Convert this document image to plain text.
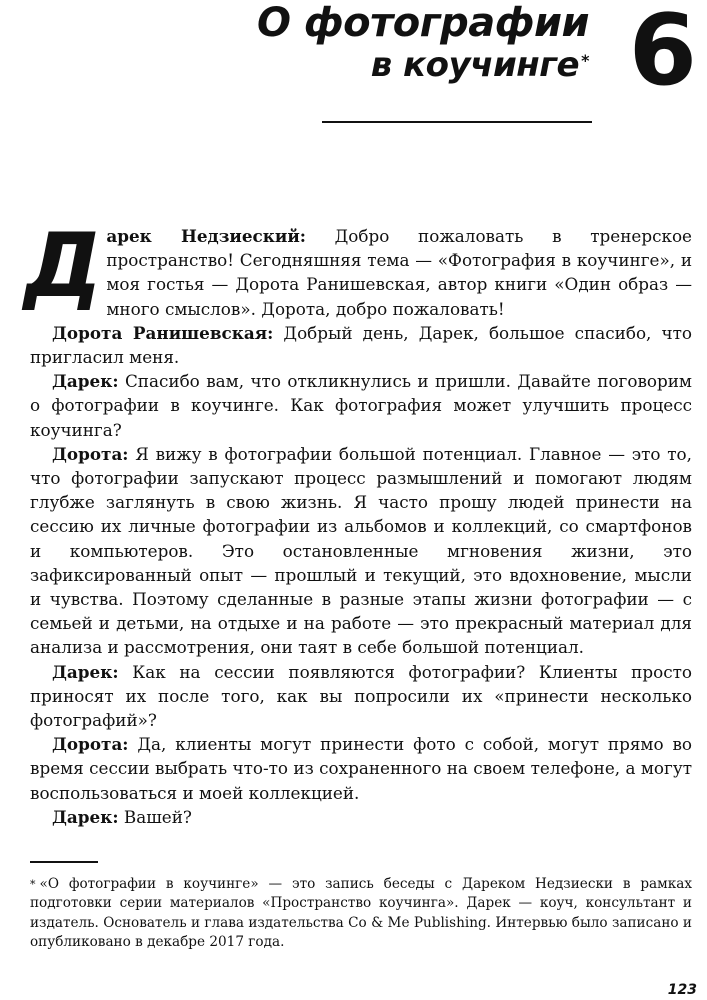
О фотографии
в коучинге * 6

Дарек Недзиеский: Добро пожаловать в тренерское пространство! Сегодняшняя тема — «Фотография в коучинге», и моя гостья — Дорота Ранишевская, автор книги «Один образ — много смыслов». Дорота, добро пожаловать!

Дорота Ранишевская: Добрый день, Дарек, большое спасибо, что пригласил меня.

Дарек: Спасибо вам, что откликнулись и пришли. Давайте поговорим о фотографии в коучинге. Как фотография может улучшить процесс коучинга?

Дорота: Я вижу в фотографии большой потенциал. Главное — это то, что фотографии запускают процесс размышлений и помогают людям глубже заглянуть в свою жизнь. Я часто прошу людей принести на сессию их личные фотографии из альбомов и коллекций, со смартфонов и компьютеров. Это остановленные мгновения жизни, это зафиксированный опыт — прошлый и текущий, это вдохновение, мысли и чувства. Поэтому сделанные в разные этапы жизни фотографии — с семьей и детьми, на отдыхе и на работе — это прекрасный материал для анализа и рассмотрения, они таят в себе большой потенциал.

Дарек: Как на сессии появляются фотографии? Клиенты просто приносят их после того, как вы попросили их «принести несколько фотографий»?

Дорота: Да, клиенты могут принести фото с собой, могут прямо во время сессии выбрать что-то из сохраненного на своем телефоне, а могут воспользоваться и моей коллекцией.

Дарек: Вашей?

* «О фотографии в коучинге» — это запись беседы с Дареком Недзиески в рамках подготовки серии материалов «Пространство коучинга». Дарек — коуч, консультант и издатель. Основатель и глава издательства Co & Me Publishing. Интервью было записано и опубликовано в декабре 2017 года.

123
